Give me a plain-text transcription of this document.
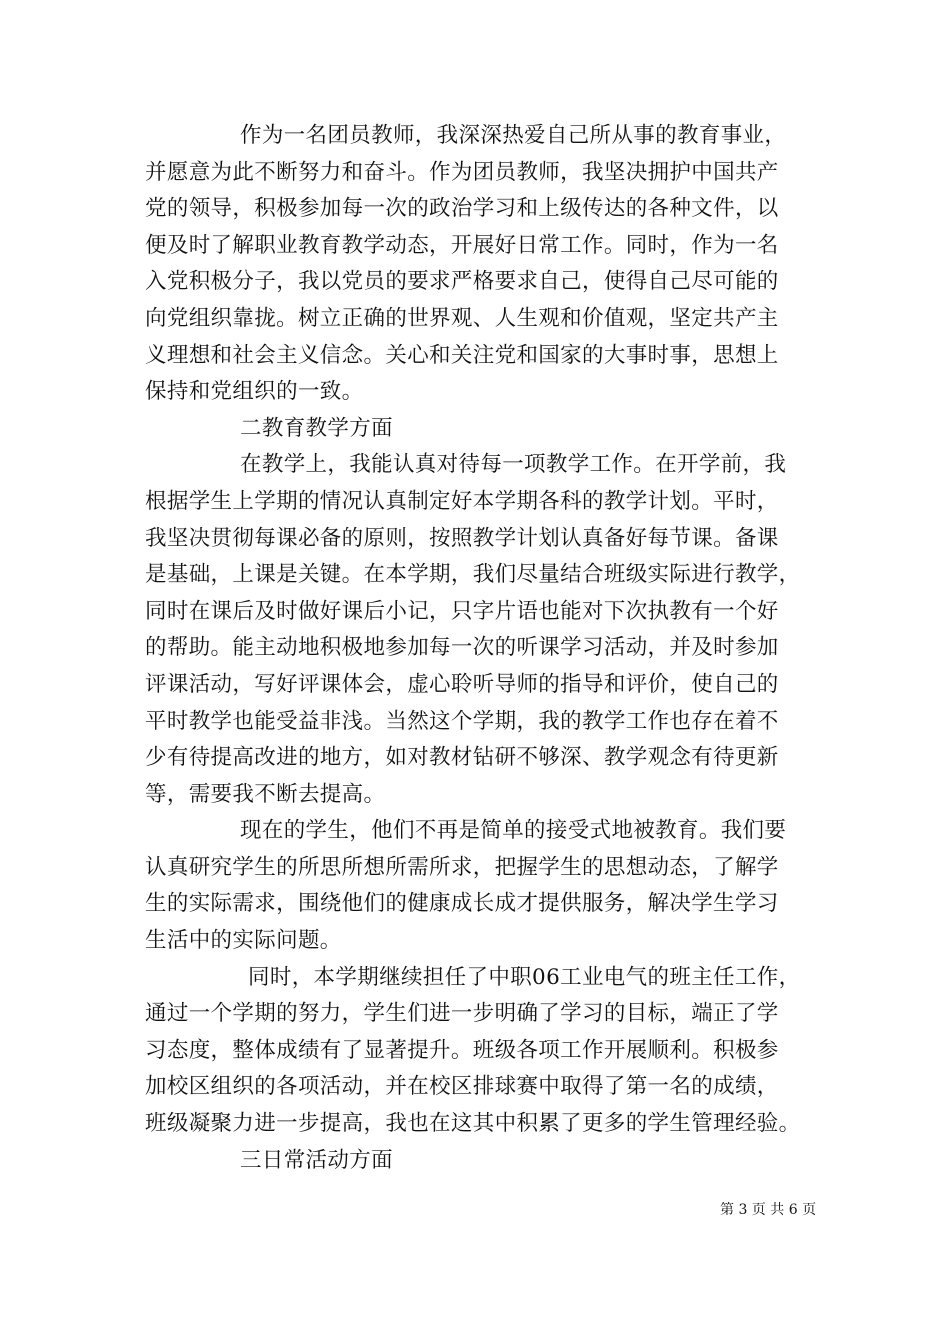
作为一名团员教师，我深深热爱自己所从事的教育事业，
并愿意为此不断努力和奋斗。作为团员教师，我坚决拥护中国共产
党的领导，积极参加每一次的政治学习和上级传达的各种文件，以
便及时了解职业教育教学动态，开展好日常工作。同时，作为一名
入党积极分子，我以党员的要求严格要求自己，使得自己尽可能的
向党组织靠拢。树立正确的世界观、人生观和价值观，坚定共产主
义理想和社会主义信念。关心和关注党和国家的大事时事，思想上
保持和党组织的一致。
二教育教学方面
在教学上，我能认真对待每一项教学工作。在开学前，我
根据学生上学期的情况认真制定好本学期各科的教学计划。平时，
我坚决贯彻每课必备的原则，按照教学计划认真备好每节课。备课
是基础，上课是关键。在本学期，我们尽量结合班级实际进行教学，
同时在课后及时做好课后小记，只字片语也能对下次执教有一个好
的帮助。能主动地积极地参加每一次的听课学习活动，并及时参加
评课活动，写好评课体会，虚心聆听导师的指导和评价，使自己的
平时教学也能受益非浅。当然这个学期，我的教学工作也存在着不
少有待提高改进的地方，如对教材钻研不够深、教学观念有待更新
等，需要我不断去提高。
现在的学生，他们不再是简单的接受式地被教育。我们要
认真研究学生的所思所想所需所求，把握学生的思想动态，了解学
生的实际需求，围绕他们的健康成长成才提供服务，解决学生学习
生活中的实际问题。
同时，本学期继续担任了中职06工业电气的班主任工作，
通过一个学期的努力，学生们进一步明确了学习的目标，端正了学
习态度，整体成绩有了显著提升。班级各项工作开展顺利。积极参
加校区组织的各项活动，并在校区排球赛中取得了第一名的成绩，
班级凝聚力进一步提高，我也在这其中积累了更多的学生管理经验。
三日常活动方面
第 3 页 共 6 页
